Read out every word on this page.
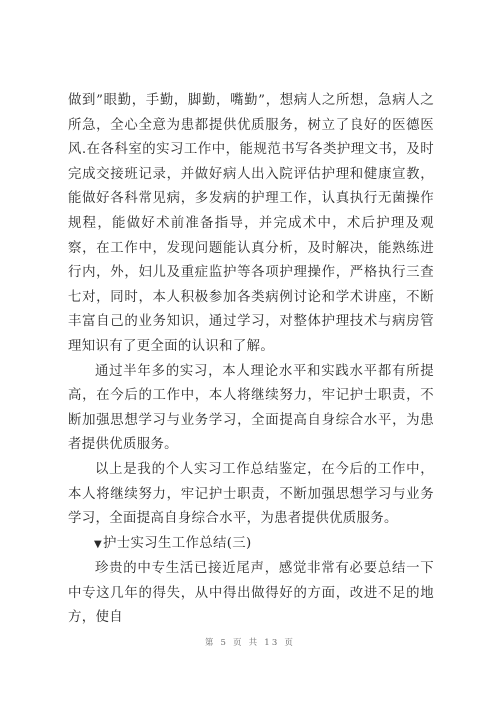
做到”眼勤，手勤，脚勤，嘴勤”，想病人之所想，急病人之所急，全心全意为患都提供优质服务，树立了良好的医德医风.在各科室的实习工作中，能规范书写各类护理文书，及时完成交接班记录，并做好病人出入院评估护理和健康宣教，能做好各科常见病，多发病的护理工作，认真执行无菌操作规程，能做好术前准备指导，并完成术中，术后护理及观察，在工作中，发现问题能认真分析，及时解决，能熟练进行内，外，妇儿及重症监护等各项护理操作，严格执行三查七对，同时，本人积极参加各类病例讨论和学术讲座，不断丰富自己的业务知识，通过学习，对整体护理技术与病房管理知识有了更全面的认识和了解。

通过半年多的实习，本人理论水平和实践水平都有所提高，在今后的工作中，本人将继续努力，牢记护士职责，不断加强思想学习与业务学习，全面提高自身综合水平，为患者提供优质服务。

以上是我的个人实习工作总结鉴定，在今后的工作中，本人将继续努力，牢记护士职责，不断加强思想学习与业务学习，全面提高自身综合水平，为患者提供优质服务。

▼护士实习生工作总结(三)

珍贵的中专生活已接近尾声，感觉非常有必要总结一下中专这几年的得失，从中得出做得好的方面，改进不足的地方，使自

第 5 页 共 13 页
